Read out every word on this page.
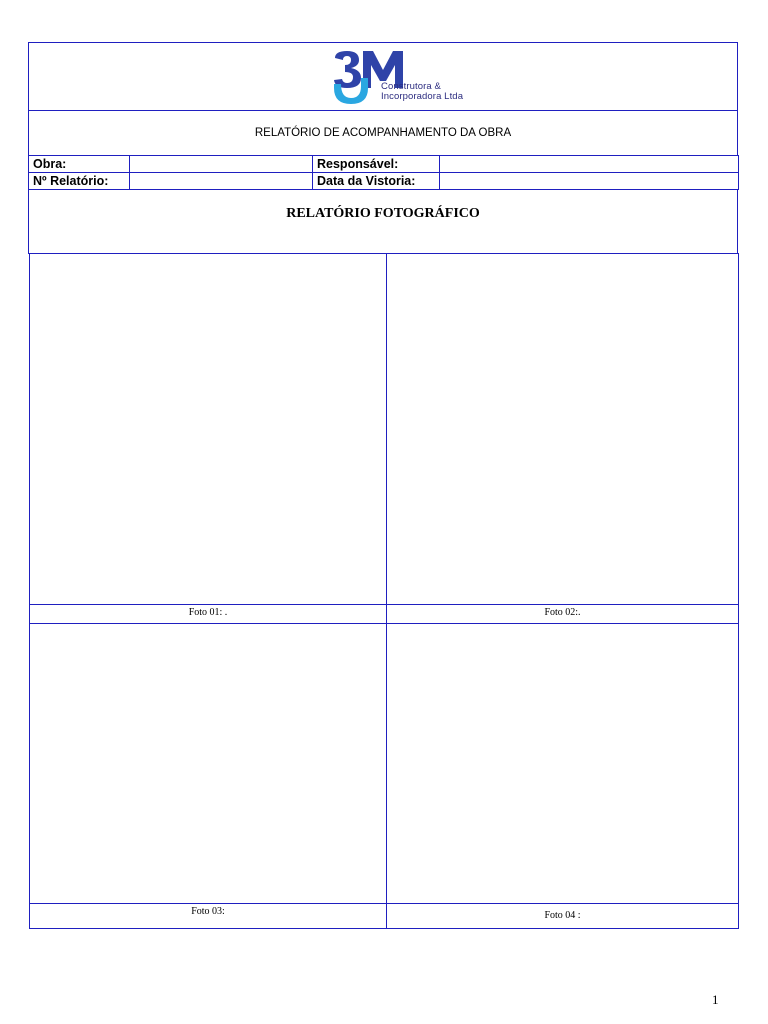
Construtora &
Incorporadora Ltda
RELATÓRIO DE ACOMPANHAMENTO DA OBRA
Obra:		Responsável:	
Nº Relatório:		Data da Vistoria:	
RELATÓRIO FOTOGRÁFICO
Foto 01: .	Foto 02:.
Foto 03:	Foto 04 :
1
